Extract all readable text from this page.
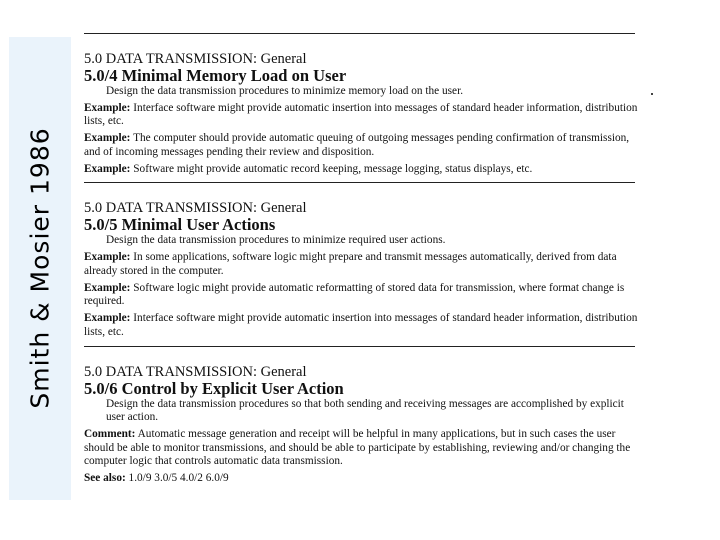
Smith & Mosier 1986
5.0 DATA TRANSMISSION: General
5.0/4 Minimal Memory Load on User
Design the data transmission procedures to minimize memory load on the user.
Example: Interface software might provide automatic insertion into messages of standard header information, distribution lists, etc.
Example: The computer should provide automatic queuing of outgoing messages pending confirmation of transmission, and of incoming messages pending their review and disposition.
Example: Software might provide automatic record keeping, message logging, status displays, etc.
5.0 DATA TRANSMISSION: General
5.0/5 Minimal User Actions
Design the data transmission procedures to minimize required user actions.
Example: In some applications, software logic might prepare and transmit messages automatically, derived from data already stored in the computer.
Example: Software logic might provide automatic reformatting of stored data for transmission, where format change is required.
Example: Interface software might provide automatic insertion into messages of standard header information, distribution lists, etc.
5.0 DATA TRANSMISSION: General
5.0/6 Control by Explicit User Action
Design the data transmission procedures so that both sending and receiving messages are accomplished by explicit user action.
Comment: Automatic message generation and receipt will be helpful in many applications, but in such cases the user should be able to monitor transmissions, and should be able to participate by establishing, reviewing and/or changing the computer logic that controls automatic data transmission.
See also: 1.0/9 3.0/5 4.0/2 6.0/9
